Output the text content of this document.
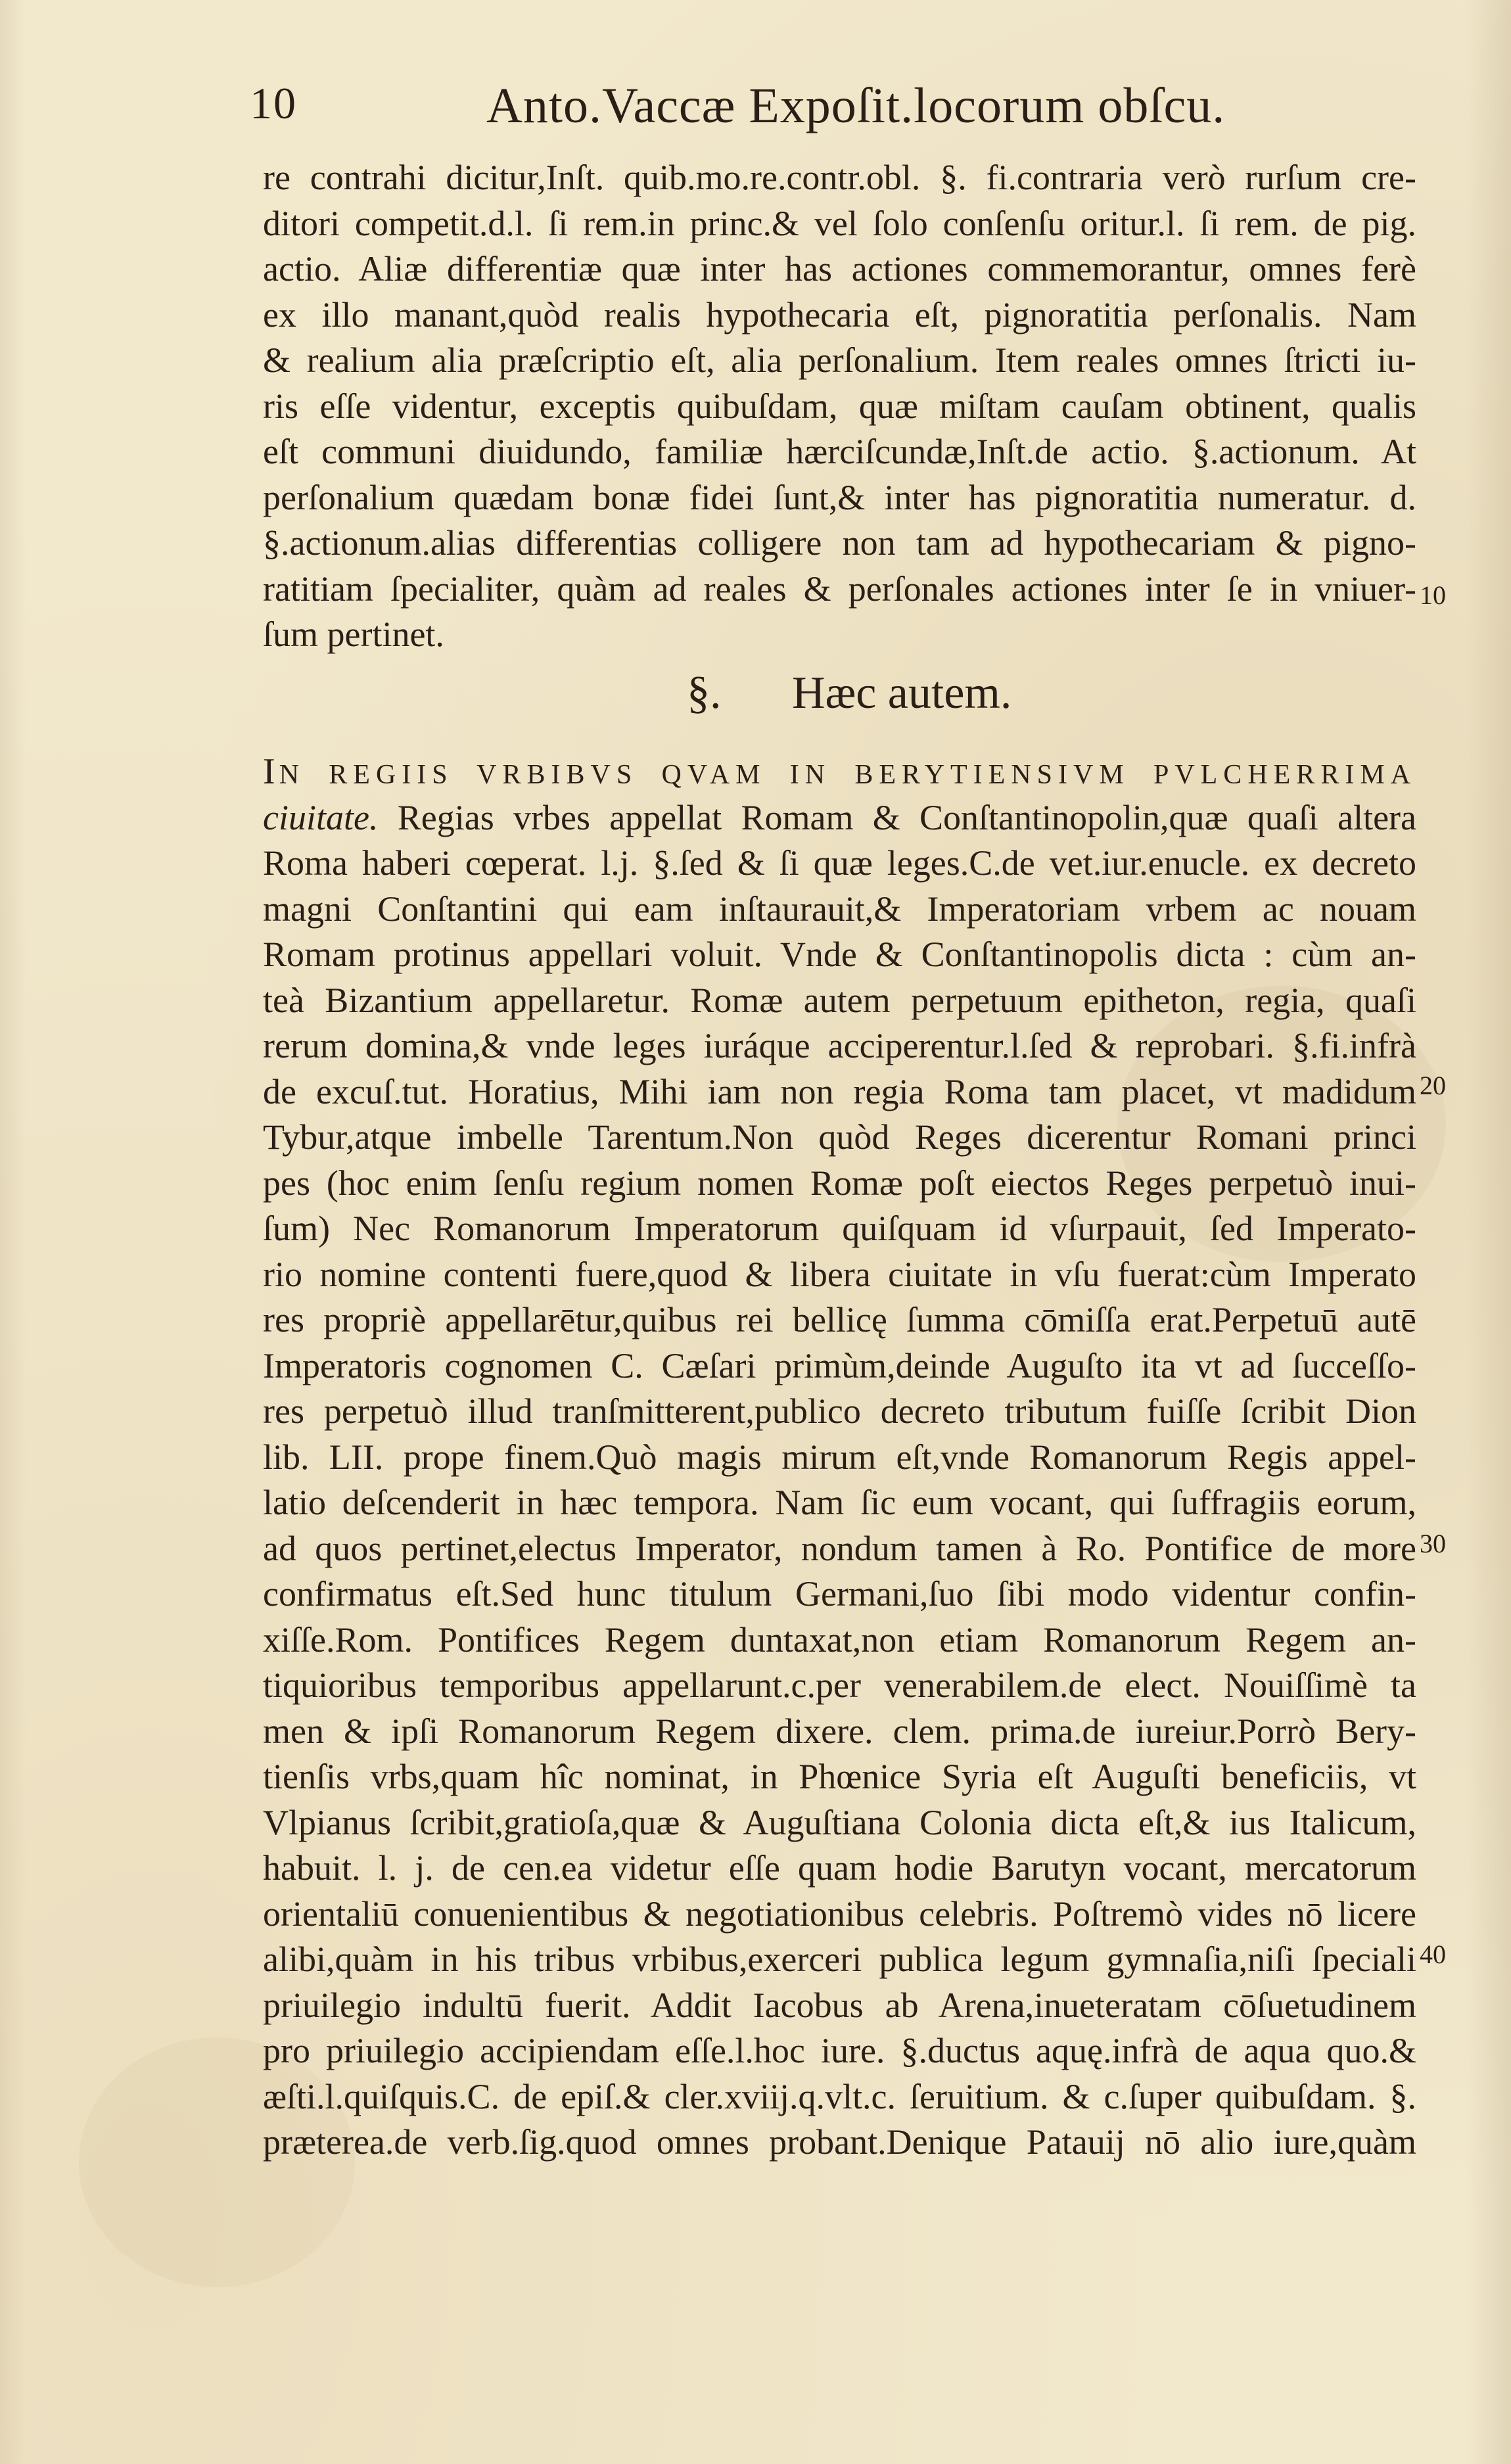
10	Anto.Vaccæ Expoſit.locorum obſcu.
re contrahi dicitur,Inſt. quib.mo.re.contr.obl. §. fi.contraria verò rurſum cre-
ditori competit.d.l. ſi rem.in princ.& vel ſolo conſenſu oritur.l. ſi rem. de pig.
actio. Aliæ differentiæ quæ inter has actiones commemorantur, omnes ferè
ex illo manant,quòd realis hypothecaria eſt, pignoratitia perſonalis. Nam
& realium alia præſcriptio eſt, alia perſonalium. Item reales omnes ſtricti iu-
ris eſſe videntur, exceptis quibuſdam, quæ miſtam cauſam obtinent, qualis
eſt communi diuidundo, familiæ hærciſcundæ,Inſt.de actio. §.actionum. At
perſonalium quædam bonæ fidei ſunt,& inter has pignoratitia numeratur. d.
§.actionum.alias differentias colligere non tam ad hypothecariam & pigno-
ratitiam ſpecialiter, quàm ad reales & perſonales actiones inter ſe in vniuer-
ſum pertinet.
§. Hæc autem.
IN REGIIS VRBIBVS QVAM IN BERYTIENSIVM PVLCHERRIMA
ciuitate. Regias vrbes appellat Romam & Conſtantinopolin,quæ quaſi altera
Roma haberi cœperat. l.j. §.ſed & ſi quæ leges.C.de vet.iur.enucle. ex decreto
magni Conſtantini qui eam inſtaurauit,& Imperatoriam vrbem ac nouam
Romam protinus appellari voluit. Vnde & Conſtantinopolis dicta : cùm an-
teà Bizantium appellaretur. Romæ autem perpetuum epitheton, regia, quaſi
rerum domina,& vnde leges iuráque acciperentur.l.ſed & reprobari. §.fi.infrà
de excuſ.tut. Horatius, Mihi iam non regia Roma tam placet, vt madidum
Tybur,atque imbelle Tarentum.Non quòd Reges dicerentur Romani princi
pes (hoc enim ſenſu regium nomen Romæ poſt eiectos Reges perpetuò inui-
ſum) Nec Romanorum Imperatorum quiſquam id vſurpauit, ſed Imperato-
rio nomine contenti fuere,quod & libera ciuitate in vſu fuerat:cùm Imperato
res propriè appellarētur,quibus rei bellicę ſumma cōmiſſa erat.Perpetuū autē
Imperatoris cognomen C. Cæſari primùm,deinde Auguſto ita vt ad ſucceſſo-
res perpetuò illud tranſmitterent,publico decreto tributum fuiſſe ſcribit Dion
lib. LII. prope finem.Quò magis mirum eſt,vnde Romanorum Regis appel-
latio deſcenderit in hæc tempora. Nam ſic eum vocant, qui ſuffragiis eorum,
ad quos pertinet,electus Imperator, nondum tamen à Ro. Pontifice de more
confirmatus eſt.Sed hunc titulum Germani,ſuo ſibi modo videntur confin-
xiſſe.Rom. Pontifices Regem duntaxat,non etiam Romanorum Regem an-
tiquioribus temporibus appellarunt.c.per venerabilem.de elect. Nouiſſimè ta
men & ipſi Romanorum Regem dixere. clem. prima.de iureiur.Porrò Bery-
tienſis vrbs,quam hîc nominat, in Phœnice Syria eſt Auguſti beneficiis, vt
Vlpianus ſcribit,gratioſa,quæ & Auguſtiana Colonia dicta eſt,& ius Italicum,
habuit. l. j. de cen.ea videtur eſſe quam hodie Barutyn vocant, mercatorum
orientaliū conuenientibus & negotiationibus celebris. Poſtremò vides nō licere
alibi,quàm in his tribus vrbibus,exerceri publica legum gymnaſia,niſi ſpeciali
priuilegio indultū fuerit. Addit Iacobus ab Arena,inueteratam cōſuetudinem
pro priuilegio accipiendam eſſe.l.hoc iure. §.ductus aquę.infrà de aqua quo.&
æſti.l.quiſquis.C. de epiſ.& cler.xviij.q.vlt.c. ſeruitium. & c.ſuper quibuſdam. §.
præterea.de verb.ſig.quod omnes probant.Denique Patauij nō alio iure,quàm
10
20
30
40
